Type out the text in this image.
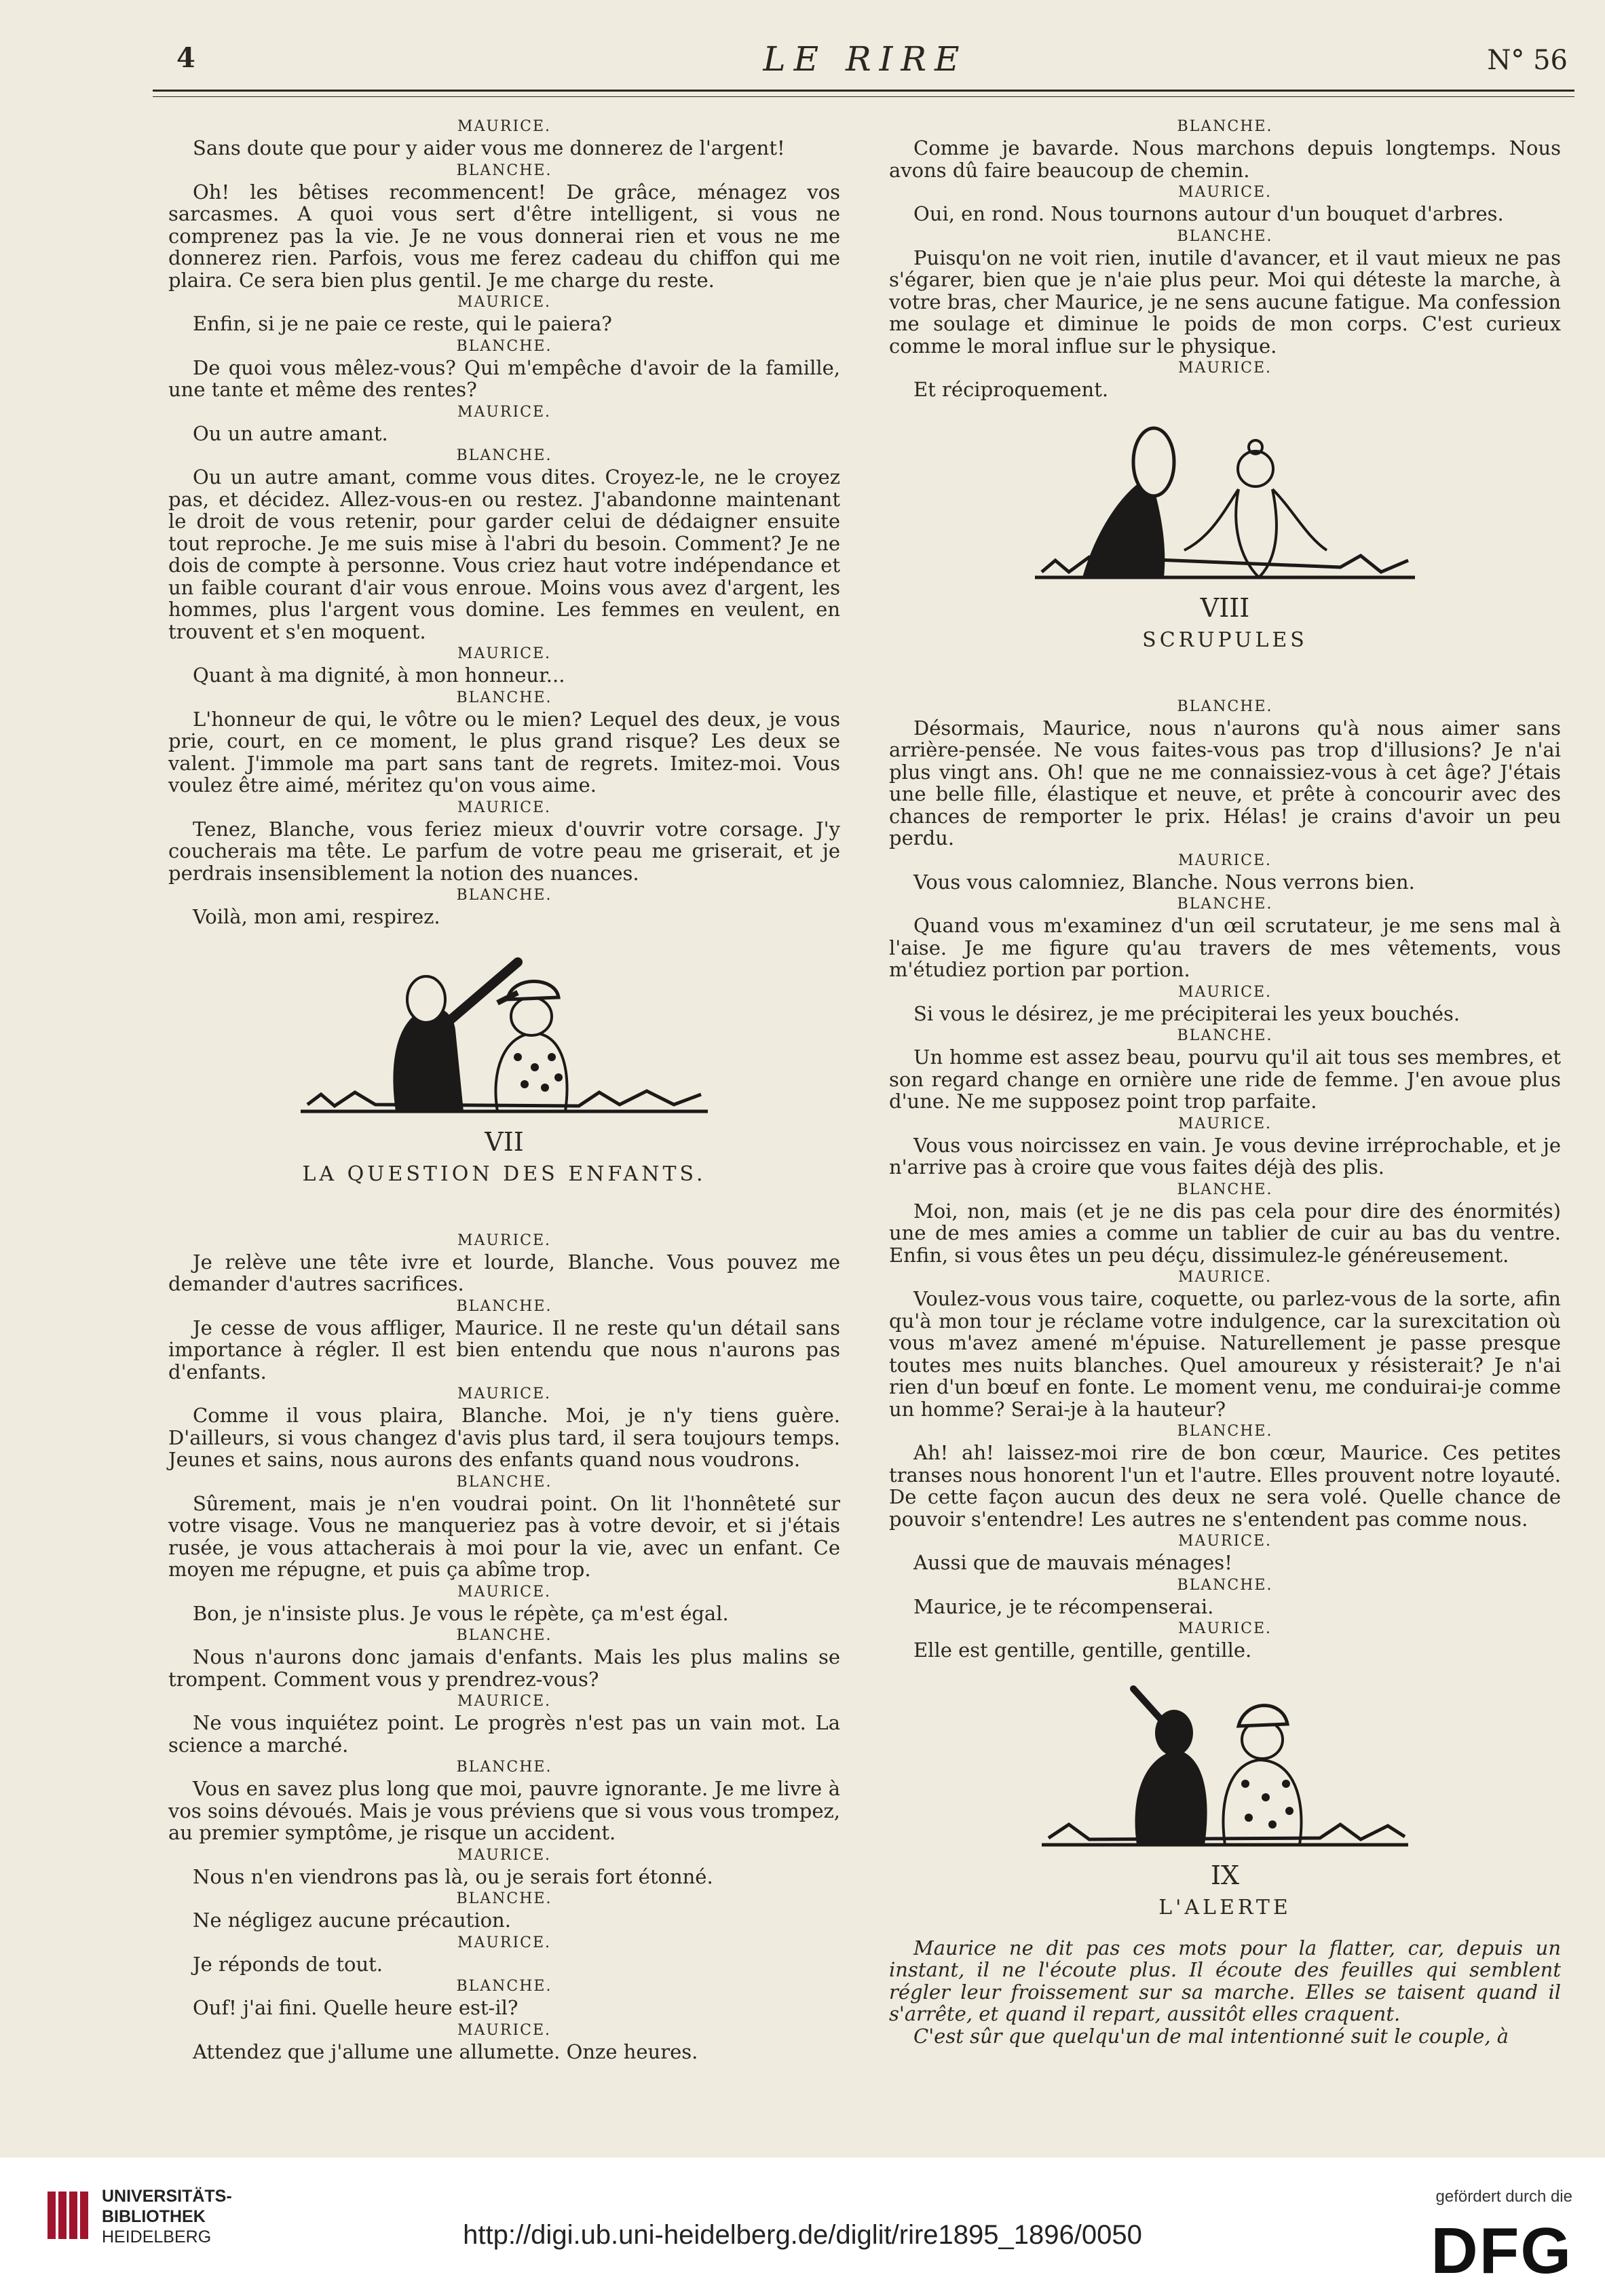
4	LE RIRE	N° 56
MAURICE.

Sans doute que pour y aider vous me donnerez de l'argent!

BLANCHE.

Oh! les bêtises recommencent! De grâce, ménagez vos sarcasmes. A quoi vous sert d'être intelligent, si vous ne comprenez pas la vie. Je ne vous donnerai rien et vous ne me donnerez rien. Parfois, vous me ferez cadeau du chiffon qui me plaira. Ce sera bien plus gentil. Je me charge du reste.

MAURICE.

Enfin, si je ne paie ce reste, qui le paiera?

BLANCHE.

De quoi vous mêlez-vous? Qui m'empêche d'avoir de la famille, une tante et même des rentes?

MAURICE.

Ou un autre amant.

BLANCHE.

Ou un autre amant, comme vous dites. Croyez-le, ne le croyez pas, et décidez. Allez-vous-en ou restez. J'abandonne maintenant le droit de vous retenir, pour garder celui de dédaigner ensuite tout reproche. Je me suis mise à l'abri du besoin. Comment? Je ne dois de compte à personne. Vous criez haut votre indépendance et un faible courant d'air vous enroue. Moins vous avez d'argent, les hommes, plus l'argent vous domine. Les femmes en veulent, en trouvent et s'en moquent.

MAURICE.

Quant à ma dignité, à mon honneur...

BLANCHE.

L'honneur de qui, le vôtre ou le mien? Lequel des deux, je vous prie, court, en ce moment, le plus grand risque? Les deux se valent. J'immole ma part sans tant de regrets. Imitez-moi. Vous voulez être aimé, méritez qu'on vous aime.

MAURICE.

Tenez, Blanche, vous feriez mieux d'ouvrir votre corsage. J'y coucherais ma tête. Le parfum de votre peau me griserait, et je perdrais insensiblement la notion des nuances.

BLANCHE.

Voilà, mon ami, respirez.

VII
LA QUESTION DES ENFANTS.
MAURICE.

Je relève une tête ivre et lourde, Blanche. Vous pouvez me demander d'autres sacrifices.

BLANCHE.

Je cesse de vous affliger, Maurice. Il ne reste qu'un détail sans importance à régler. Il est bien entendu que nous n'aurons pas d'enfants.

MAURICE.

Comme il vous plaira, Blanche. Moi, je n'y tiens guère. D'ailleurs, si vous changez d'avis plus tard, il sera toujours temps. Jeunes et sains, nous aurons des enfants quand nous voudrons.

BLANCHE.

Sûrement, mais je n'en voudrai point. On lit l'honnêteté sur votre visage. Vous ne manqueriez pas à votre devoir, et si j'étais rusée, je vous attacherais à moi pour la vie, avec un enfant. Ce moyen me répugne, et puis ça abîme trop.

MAURICE.

Bon, je n'insiste plus. Je vous le répète, ça m'est égal.

BLANCHE.

Nous n'aurons donc jamais d'enfants. Mais les plus malins se trompent. Comment vous y prendrez-vous?

MAURICE.

Ne vous inquiétez point. Le progrès n'est pas un vain mot. La science a marché.

BLANCHE.

Vous en savez plus long que moi, pauvre ignorante. Je me livre à vos soins dévoués. Mais je vous préviens que si vous vous trompez, au premier symptôme, je risque un accident.

MAURICE.

Nous n'en viendrons pas là, ou je serais fort étonné.

BLANCHE.

Ne négligez aucune précaution.

MAURICE.

Je réponds de tout.

BLANCHE.

Ouf! j'ai fini. Quelle heure est-il?

MAURICE.

Attendez que j'allume une allumette. Onze heures.

BLANCHE.

Comme je bavarde. Nous marchons depuis longtemps. Nous avons dû faire beaucoup de chemin.

MAURICE.

Oui, en rond. Nous tournons autour d'un bouquet d'arbres.

BLANCHE.

Puisqu'on ne voit rien, inutile d'avancer, et il vaut mieux ne pas s'égarer, bien que je n'aie plus peur. Moi qui déteste la marche, à votre bras, cher Maurice, je ne sens aucune fatigue. Ma confession me soulage et diminue le poids de mon corps. C'est curieux comme le moral influe sur le physique.

MAURICE.

Et réciproquement.

VIII
SCRUPULES
BLANCHE.

Désormais, Maurice, nous n'aurons qu'à nous aimer sans arrière-pensée. Ne vous faites-vous pas trop d'illusions? Je n'ai plus vingt ans. Oh! que ne me connaissiez-vous à cet âge? J'étais une belle fille, élastique et neuve, et prête à concourir avec des chances de remporter le prix. Hélas! je crains d'avoir un peu perdu.

MAURICE.

Vous vous calomniez, Blanche. Nous verrons bien.

BLANCHE.

Quand vous m'examinez d'un œil scrutateur, je me sens mal à l'aise. Je me figure qu'au travers de mes vêtements, vous m'étudiez portion par portion.

MAURICE.

Si vous le désirez, je me précipiterai les yeux bouchés.

BLANCHE.

Un homme est assez beau, pourvu qu'il ait tous ses membres, et son regard change en ornière une ride de femme. J'en avoue plus d'une. Ne me supposez point trop parfaite.

MAURICE.

Vous vous noircissez en vain. Je vous devine irréprochable, et je n'arrive pas à croire que vous faites déjà des plis.

BLANCHE.

Moi, non, mais (et je ne dis pas cela pour dire des énormités) une de mes amies a comme un tablier de cuir au bas du ventre. Enfin, si vous êtes un peu déçu, dissimulez-le généreusement.

MAURICE.

Voulez-vous vous taire, coquette, ou parlez-vous de la sorte, afin qu'à mon tour je réclame votre indulgence, car la surexcitation où vous m'avez amené m'épuise. Naturellement je passe presque toutes mes nuits blanches. Quel amoureux y résisterait? Je n'ai rien d'un bœuf en fonte. Le moment venu, me conduirai-je comme un homme? Serai-je à la hauteur?

BLANCHE.

Ah! ah! laissez-moi rire de bon cœur, Maurice. Ces petites transes nous honorent l'un et l'autre. Elles prouvent notre loyauté. De cette façon aucun des deux ne sera volé. Quelle chance de pouvoir s'entendre! Les autres ne s'entendent pas comme nous.

MAURICE.

Aussi que de mauvais ménages!

BLANCHE.

Maurice, je te récompenserai.

MAURICE.

Elle est gentille, gentille, gentille.

IX
L'ALERTE

Maurice ne dit pas ces mots pour la flatter, car, depuis un instant, il ne l'écoute plus. Il écoute des feuilles qui semblent régler leur froissement sur sa marche. Elles se taisent quand il s'arrête, et quand il repart, aussitôt elles craquent.

C'est sûr que quelqu'un de mal intentionné suit le couple, à

UNIVERSITÄTS-
BIBLIOTHEK
HEIDELBERG	http://digi.ub.uni-heidelberg.de/diglit/rire1895_1896/0050
gefördert durch die
DFG
